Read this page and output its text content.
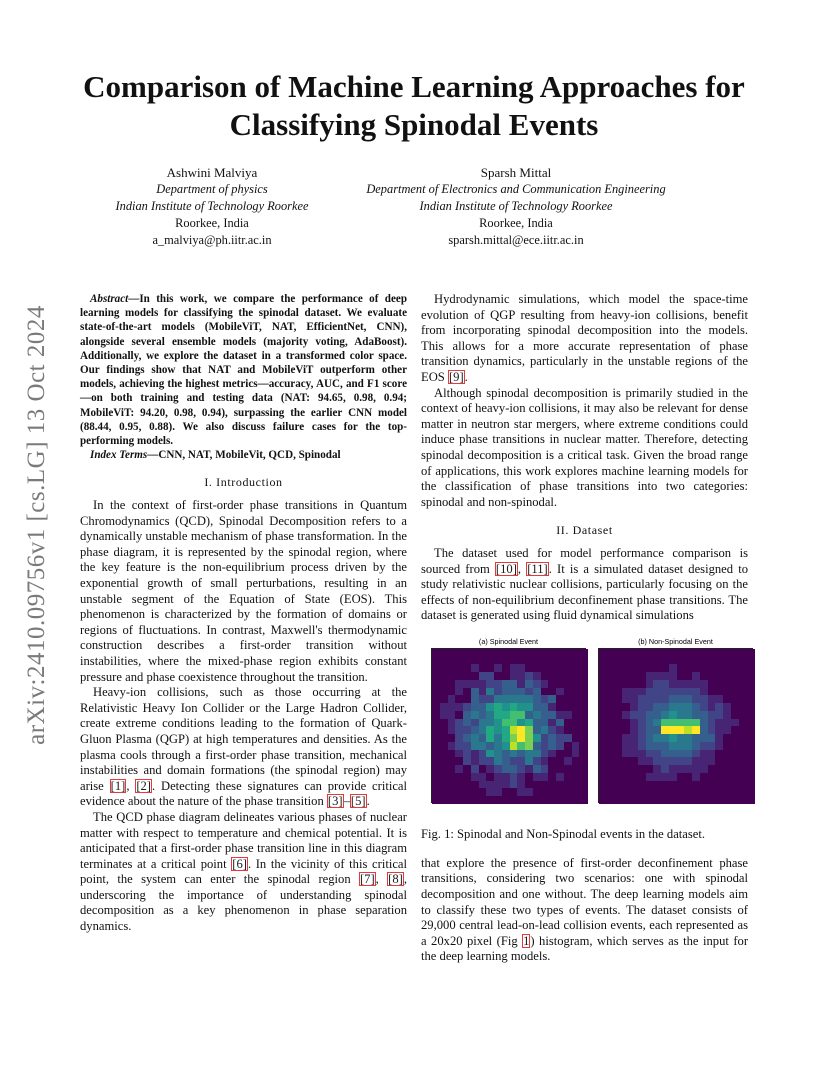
arXiv:2410.09756v1 [cs.LG] 13 Oct 2024
Comparison of Machine Learning Approaches for Classifying Spinodal Events
Ashwini Malviya
Department of physics
Indian Institute of Technology Roorkee
Roorkee, India
a_malviya@ph.iitr.ac.in
Sparsh Mittal
Department of Electronics and Communication Engineering
Indian Institute of Technology Roorkee
Roorkee, India
sparsh.mittal@ece.iitr.ac.in

Abstract—In this work, we compare the performance of deep learning models for classifying the spinodal dataset. We evaluate state-of-the-art models (MobileViT, NAT, EfficientNet, CNN), alongside several ensemble models (majority voting, AdaBoost). Additionally, we explore the dataset in a transformed color space. Our findings show that NAT and MobileViT outperform other models, achieving the highest metrics—accuracy, AUC, and F1 score—on both training and testing data (NAT: 94.65, 0.98, 0.94; MobileViT: 94.20, 0.98, 0.94), surpassing the earlier CNN model (88.44, 0.95, 0.88). We also discuss failure cases for the top-performing models.

Index Terms—CNN, NAT, MobileVit, QCD, Spinodal

I. Introduction

In the context of first-order phase transitions in Quantum Chromodynamics (QCD), Spinodal Decomposition refers to a dynamically unstable mechanism of phase transformation. In the phase diagram, it is represented by the spinodal region, where the key feature is the non-equilibrium process driven by the exponential growth of small perturbations, resulting in an unstable segment of the Equation of State (EOS). This phenomenon is characterized by the formation of domains or regions of fluctuations. In contrast, Maxwell's thermodynamic construction describes a first-order transition without instabilities, where the mixed-phase region exhibits constant pressure and phase coexistence throughout the transition.

Heavy-ion collisions, such as those occurring at the Relativistic Heavy Ion Collider or the Large Hadron Collider, create extreme conditions leading to the formation of Quark-Gluon Plasma (QGP) at high temperatures and densities. As the plasma cools through a first-order phase transition, mechanical instabilities and domain formations (the spinodal region) may arise [1], [2]. Detecting these signatures can provide critical evidence about the nature of the phase transition [3]–[5].

The QCD phase diagram delineates various phases of nuclear matter with respect to temperature and chemical potential. It is anticipated that a first-order phase transition line in this diagram terminates at a critical point [6]. In the vicinity of this critical point, the system can enter the spinodal region [7], [8], underscoring the importance of understanding spinodal decomposition as a key phenomenon in phase separation dynamics.

Hydrodynamic simulations, which model the space-time evolution of QGP resulting from heavy-ion collisions, benefit from incorporating spinodal decomposition into the models. This allows for a more accurate representation of phase transition dynamics, particularly in the unstable regions of the EOS [9].

Although spinodal decomposition is primarily studied in the context of heavy-ion collisions, it may also be relevant for dense matter in neutron star mergers, where extreme conditions could induce phase transitions in nuclear matter. Therefore, detecting spinodal decomposition is a critical task. Given the broad range of applications, this work explores machine learning models for the classification of phase transitions into two categories: spinodal and non-spinodal.

II. Dataset

The dataset used for model performance comparison is sourced from [10], [11]. It is a simulated dataset designed to study relativistic nuclear collisions, particularly focusing on the effects of non-equilibrium deconfinement phase transitions. The dataset is generated using fluid dynamical simulations

(a) Spinodal Event	(b) Non-Spinodal Event

Fig. 1: Spinodal and Non-Spinodal events in the dataset.

that explore the presence of first-order deconfinement phase transitions, considering two scenarios: one with spinodal decomposition and one without. The deep learning models aim to classify these two types of events. The dataset consists of 29,000 central lead-on-lead collision events, each represented as a 20x20 pixel (Fig 1) histogram, which serves as the input for the deep learning models.
